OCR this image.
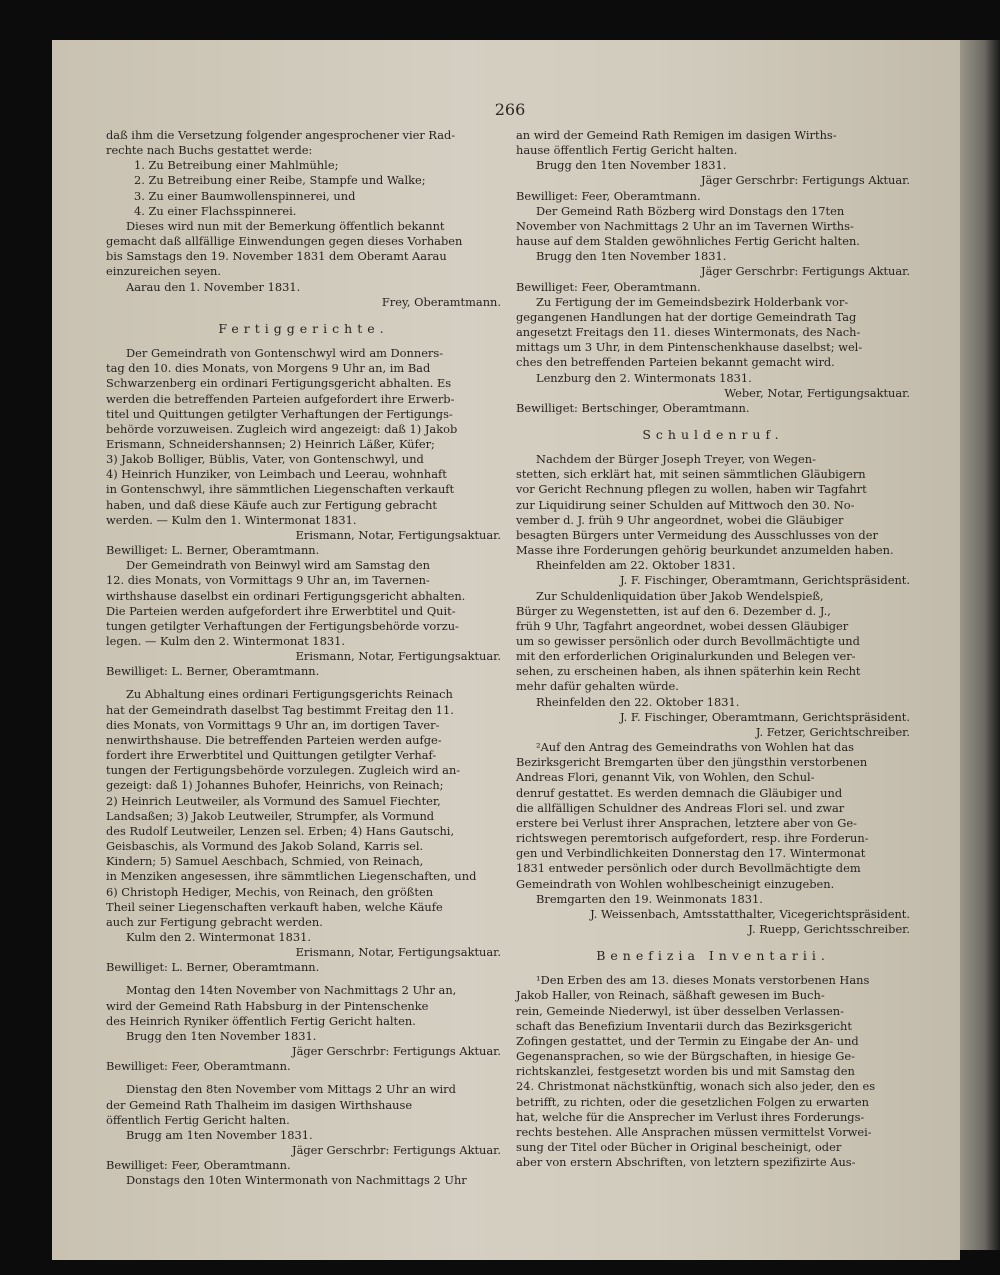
266

daß ihm die Versetzung folgender angesprochener vier Rad-

rechte nach Buchs gestattet werde:

1. Zu Betreibung einer Mahlmühle;

2. Zu Betreibung einer Reibe, Stampfe und Walke;

3. Zu einer Baumwollenspinnerei, und

4. Zu einer Flachsspinnerei.

Dieses wird nun mit der Bemerkung öffentlich bekannt

gemacht daß allfällige Einwendungen gegen dieses Vorhaben

bis Samstags den 19. November 1831 dem Oberamt Aarau

einzureichen seyen.

Aarau den 1. November 1831.

Frey, Oberamtmann.

Fertiggerichte.

Der Gemeindrath von Gontenschwyl wird am Donners-

tag den 10. dies Monats, von Morgens 9 Uhr an, im Bad

Schwarzenberg ein ordinari Fertigungsgericht abhalten. Es

werden die betreffenden Parteien aufgefordert ihre Erwerb-

titel und Quittungen getilgter Verhaftungen der Fertigungs-

behörde vorzuweisen. Zugleich wird angezeigt: daß 1) Jakob

Erismann, Schneidershannsen; 2) Heinrich Läßer, Küfer;

3) Jakob Bolliger, Büblis, Vater, von Gontenschwyl, und

4) Heinrich Hunziker, von Leimbach und Leerau, wohnhaft

in Gontenschwyl, ihre sämmtlichen Liegenschaften verkauft

haben, und daß diese Käufe auch zur Fertigung gebracht

werden. — Kulm den 1. Wintermonat 1831.

Erismann, Notar, Fertigungsaktuar.

Bewilliget: L. Berner, Oberamtmann.

Der Gemeindrath von Beinwyl wird am Samstag den

12. dies Monats, von Vormittags 9 Uhr an, im Tavernen-

wirthshause daselbst ein ordinari Fertigungsgericht abhalten.

Die Parteien werden aufgefordert ihre Erwerbtitel und Quit-

tungen getilgter Verhaftungen der Fertigungsbehörde vorzu-

legen. — Kulm den 2. Wintermonat 1831.

Erismann, Notar, Fertigungsaktuar.

Bewilliget: L. Berner, Oberamtmann.

Zu Abhaltung eines ordinari Fertigungsgerichts Reinach

hat der Gemeindrath daselbst Tag bestimmt Freitag den 11.

dies Monats, von Vormittags 9 Uhr an, im dortigen Taver-

nenwirthshause. Die betreffenden Parteien werden aufge-

fordert ihre Erwerbtitel und Quittungen getilgter Verhaf-

tungen der Fertigungsbehörde vorzulegen. Zugleich wird an-

gezeigt: daß 1) Johannes Buhofer, Heinrichs, von Reinach;

2) Heinrich Leutweiler, als Vormund des Samuel Fiechter,

Landsaßen; 3) Jakob Leutweiler, Strumpfer, als Vormund

des Rudolf Leutweiler, Lenzen sel. Erben; 4) Hans Gautschi,

Geisbaschis, als Vormund des Jakob Soland, Karris sel.

Kindern; 5) Samuel Aeschbach, Schmied, von Reinach,

in Menziken angesessen, ihre sämmtlichen Liegenschaften, und

6) Christoph Hediger, Mechis, von Reinach, den größten

Theil seiner Liegenschaften verkauft haben, welche Käufe

auch zur Fertigung gebracht werden.

Kulm den 2. Wintermonat 1831.

Erismann, Notar, Fertigungsaktuar.

Bewilliget: L. Berner, Oberamtmann.

Montag den 14ten November von Nachmittags 2 Uhr an,

wird der Gemeind Rath Habsburg in der Pintenschenke

des Heinrich Ryniker öffentlich Fertig Gericht halten.

Brugg den 1ten November 1831.

Jäger Gerschrbr: Fertigungs Aktuar.

Bewilliget: Feer, Oberamtmann.

Dienstag den 8ten November vom Mittags 2 Uhr an wird

der Gemeind Rath Thalheim im dasigen Wirthshause

öffentlich Fertig Gericht halten.

Brugg am 1ten November 1831.

Jäger Gerschrbr: Fertigungs Aktuar.

Bewilliget: Feer, Oberamtmann.

Donstags den 10ten Wintermonath von Nachmittags 2 Uhr

an wird der Gemeind Rath Remigen im dasigen Wirths-

hause öffentlich Fertig Gericht halten.

Brugg den 1ten November 1831.

Jäger Gerschrbr: Fertigungs Aktuar.

Bewilliget: Feer, Oberamtmann.

Der Gemeind Rath Bözberg wird Donstags den 17ten

November von Nachmittags 2 Uhr an im Tavernen Wirths-

hause auf dem Stalden gewöhnliches Fertig Gericht halten.

Brugg den 1ten November 1831.

Jäger Gerschrbr: Fertigungs Aktuar.

Bewilliget: Feer, Oberamtmann.

Zu Fertigung der im Gemeindsbezirk Holderbank vor-

gegangenen Handlungen hat der dortige Gemeindrath Tag

angesetzt Freitags den 11. dieses Wintermonats, des Nach-

mittags um 3 Uhr, in dem Pintenschenkhause daselbst; wel-

ches den betreffenden Parteien bekannt gemacht wird.

Lenzburg den 2. Wintermonats 1831.

Weber, Notar, Fertigungsaktuar.

Bewilliget: Bertschinger, Oberamtmann.

Schuldenruf.

Nachdem der Bürger Joseph Treyer, von Wegen-

stetten, sich erklärt hat, mit seinen sämmtlichen Gläubigern

vor Gericht Rechnung pflegen zu wollen, haben wir Tagfahrt

zur Liquidirung seiner Schulden auf Mittwoch den 30. No-

vember d. J. früh 9 Uhr angeordnet, wobei die Gläubiger

besagten Bürgers unter Vermeidung des Ausschlusses von der

Masse ihre Forderungen gehörig beurkundet anzumelden haben.

Rheinfelden am 22. Oktober 1831.

J. F. Fischinger, Oberamtmann, Gerichtspräsident.

Zur Schuldenliquidation über Jakob Wendelspieß,

Bürger zu Wegenstetten, ist auf den 6. Dezember d. J.,

früh 9 Uhr, Tagfahrt angeordnet, wobei dessen Gläubiger

um so gewisser persönlich oder durch Bevollmächtigte und

mit den erforderlichen Originalurkunden und Belegen ver-

sehen, zu erscheinen haben, als ihnen späterhin kein Recht

mehr dafür gehalten würde.

Rheinfelden den 22. Oktober 1831.

J. F. Fischinger, Oberamtmann, Gerichtspräsident.

J. Fetzer, Gerichtschreiber.

²Auf den Antrag des Gemeindraths von Wohlen hat das

Bezirksgericht Bremgarten über den jüngsthin verstorbenen

Andreas Flori, genannt Vik, von Wohlen, den Schul-

denruf gestattet. Es werden demnach die Gläubiger und

die allfälligen Schuldner des Andreas Flori sel. und zwar

erstere bei Verlust ihrer Ansprachen, letztere aber von Ge-

richtswegen peremtorisch aufgefordert, resp. ihre Forderun-

gen und Verbindlichkeiten Donnerstag den 17. Wintermonat

1831 entweder persönlich oder durch Bevollmächtigte dem

Gemeindrath von Wohlen wohlbescheinigt einzugeben.

Bremgarten den 19. Weinmonats 1831.

J. Weissenbach, Amtsstatthalter, Vicegerichtspräsident.

J. Ruepp, Gerichtsschreiber.

Benefizia Inventarii.

¹Den Erben des am 13. dieses Monats verstorbenen Hans

Jakob Haller, von Reinach, säßhaft gewesen im Buch-

rein, Gemeinde Niederwyl, ist über desselben Verlassen-

schaft das Benefizium Inventarii durch das Bezirksgericht

Zofingen gestattet, und der Termin zu Eingabe der An- und

Gegenansprachen, so wie der Bürgschaften, in hiesige Ge-

richtskanzlei, festgesetzt worden bis und mit Samstag den

24. Christmonat nächstkünftig, wonach sich also jeder, den es

betrifft, zu richten, oder die gesetzlichen Folgen zu erwarten

hat, welche für die Ansprecher im Verlust ihres Forderungs-

rechts bestehen. Alle Ansprachen müssen vermittelst Vorwei-

sung der Titel oder Bücher in Original bescheinigt, oder

aber von erstern Abschriften, von letztern spezifizirte Aus-
